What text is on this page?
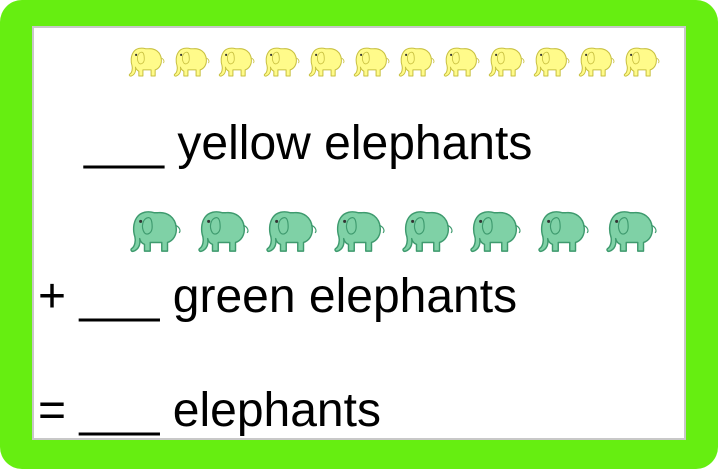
___ yellow elephants
+ ___ green elephants
= ___ elephants
